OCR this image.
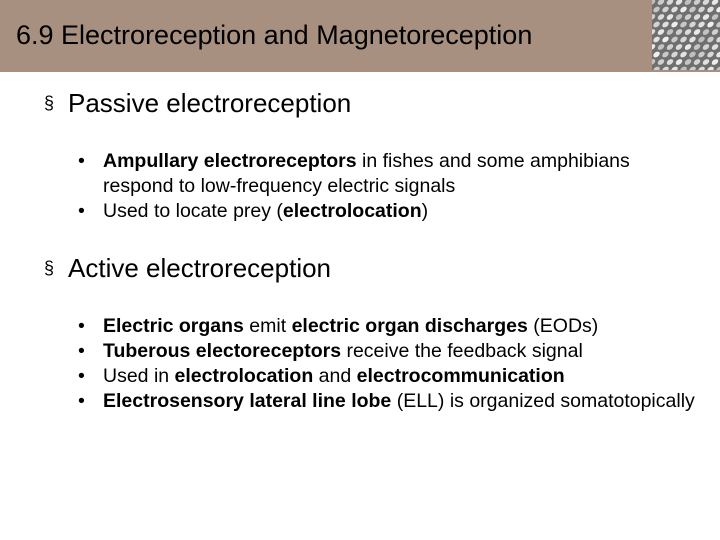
6.9 Electroreception and Magnetoreception
§ Passive electroreception
• Ampullary electroreceptors in fishes and some amphibians respond to low-frequency electric signals
• Used to locate prey (electrolocation)
§ Active electroreception
• Electric organs emit electric organ discharges (EODs)
• Tuberous electoreceptors receive the feedback signal
• Used in electrolocation and electrocommunication
• Electrosensory lateral line lobe (ELL) is organized somatotopically
